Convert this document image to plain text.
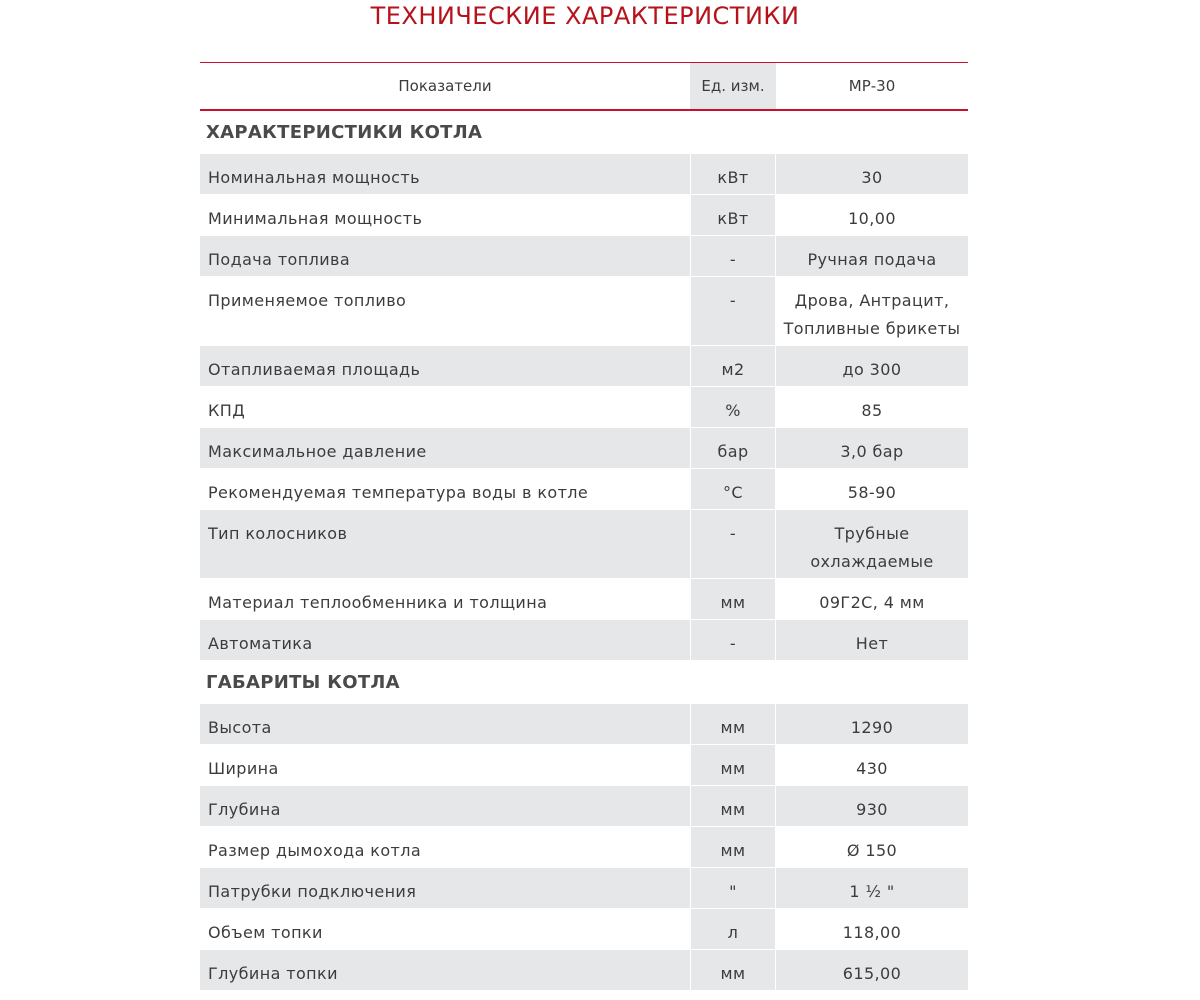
ТЕХНИЧЕСКИЕ ХАРАКТЕРИСТИКИ
Показатели	Ед. изм.	МР-30
ХАРАКТЕРИСТИКИ КОТЛА
Номинальная мощность	кВт	30
Минимальная мощность	кВт	10,00
Подача топлива	-	Ручная подача
Применяемое топливо	-	Дрова, Антрацит, Топливные брикеты
Отапливаемая площадь	м2	до 300
КПД	%	85
Максимальное давление	бар	3,0 бар
Рекомендуемая температура воды в котле	°С	58-90
Тип колосников	-	Трубные охлаждаемые
Материал теплообменника и толщина	мм	09Г2С, 4 мм
Автоматика	-	Нет
ГАБАРИТЫ КОТЛА
Высота	мм	1290
Ширина	мм	430
Глубина	мм	930
Размер дымохода котла	мм	Ø 150
Патрубки подключения	"	1 ½ "
Объем топки	л	118,00
Глубина топки	мм	615,00
